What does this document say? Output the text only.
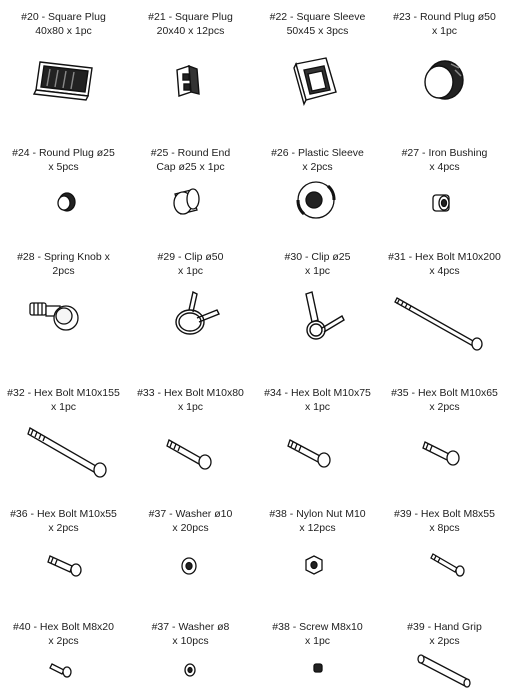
#20 - Square Plug
40x80 x 1pc
#21 - Square Plug
20x40 x 12pcs
#22 - Square Sleeve
50x45 x 3pcs
#23 - Round Plug ø50
x 1pc
#24 - Round Plug ø25
x 5pcs
#25 - Round End
Cap ø25 x 1pc
#26 - Plastic Sleeve
x 2pcs
#27 - Iron Bushing
x 4pcs
#28 - Spring Knob x
2pcs
#29 - Clip ø50
x 1pc
#30 - Clip ø25
x 1pc
#31 - Hex Bolt M10x200
x 4pcs
#32 - Hex Bolt M10x155
x 1pc
#33 - Hex Bolt M10x80
x 1pc
#34 - Hex Bolt M10x75
x 1pc
#35 - Hex Bolt M10x65
x 2pcs
#36 - Hex Bolt M10x55
x 2pcs
#37 - Washer ø10
x 20pcs
#38 - Nylon Nut M10
x 12pcs
#39 - Hex Bolt M8x55
x 8pcs
#40 - Hex Bolt M8x20
x 2pcs
#37 - Washer ø8
x 10pcs
#38 - Screw M8x10
x 1pc
#39 - Hand Grip
x 2pcs
